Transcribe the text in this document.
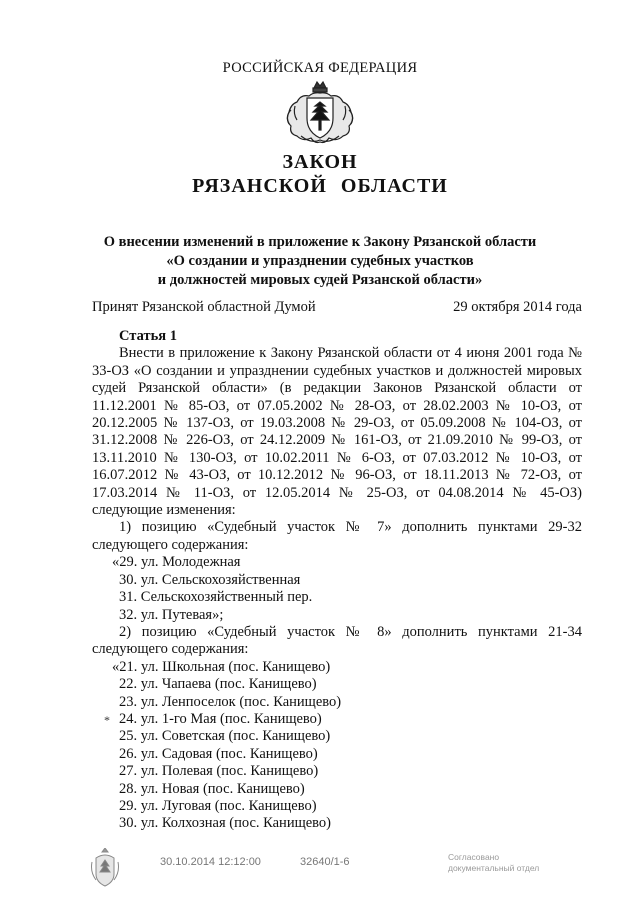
РОССИЙСКАЯ ФЕДЕРАЦИЯ
ЗАКОН
РЯЗАНСКОЙ ОБЛАСТИ
О внесении изменений в приложение к Закону Рязанской области
«О создании и упразднении судебных участков
и должностей мировых судей Рязанской области»
Принят Рязанской областной Думой	29 октября 2014 года

Статья 1

Внести в приложение к Закону Рязанской области от 4 июня 2001 года № 33-ОЗ «О создании и упразднении судебных участков и должностей мировых судей Рязанской области» (в редакции Законов Рязанской области от 11.12.2001 № 85-ОЗ, от 07.05.2002 № 28-ОЗ, от 28.02.2003 № 10-ОЗ, от 20.12.2005 № 137-ОЗ, от 19.03.2008 № 29-ОЗ, от 05.09.2008 № 104-ОЗ, от 31.12.2008 № 226-ОЗ, от 24.12.2009 № 161-ОЗ, от 21.09.2010 № 99-ОЗ, от 13.11.2010 № 130-ОЗ, от 10.02.2011 № 6-ОЗ, от 07.03.2012 № 10-ОЗ, от 16.07.2012 № 43-ОЗ, от 10.12.2012 № 96-ОЗ, от 18.11.2013 № 72-ОЗ, от 17.03.2014 № 11-ОЗ, от 12.05.2014 № 25-ОЗ, от 04.08.2014 № 45-ОЗ) следующие изменения:

1) позицию «Судебный участок № 7» дополнить пунктами 29-32 следующего содержания:

«29. ул. Молодежная

30. ул. Сельскохозяйственная

31. Сельскохозяйственный пер.

32. ул. Путевая»;

2) позицию «Судебный участок № 8» дополнить пунктами 21-34 следующего содержания:

«21. ул. Школьная (пос. Канищево)

22. ул. Чапаева (пос. Канищево)

23. ул. Ленпоселок (пос. Канищево)

24. ул. 1-го Мая (пос. Канищево)

25. ул. Советская (пос. Канищево)

26. ул. Садовая (пос. Канищево)

27. ул. Полевая (пос. Канищево)

28. ул. Новая (пос. Канищево)

29. ул. Луговая (пос. Канищево)

30. ул. Колхозная (пос. Канищево)

*
30.10.2014 12:12:00	32640/1-6	Согласовано
документальный отдел
